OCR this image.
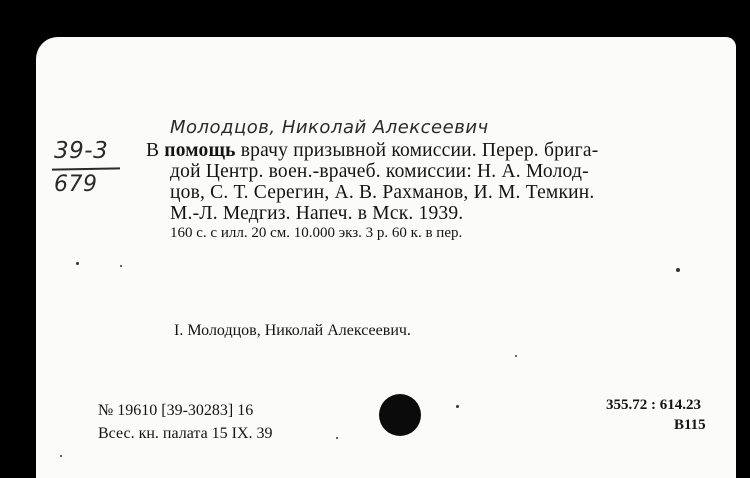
39-3
679
Молодцов, Николай Алексеевич
В помощь врачу призывной комиссии. Перер. брига-
дой Центр. воен.-врачеб. комиссии: Н. А. Молод-
цов, С. Т. Серегин, А. В. Рахманов, И. М. Темкин.
М.-Л. Медгиз. Напеч. в Мск. 1939.
160 с. с илл. 20 см. 10.000 экз. 3 р. 60 к. в пер.
I. Молодцов, Николай Алексеевич.
№ 19610 [39-30283] 16
Всес. кн. палата 15 IX. 39
355.72 : 614.23
В115
